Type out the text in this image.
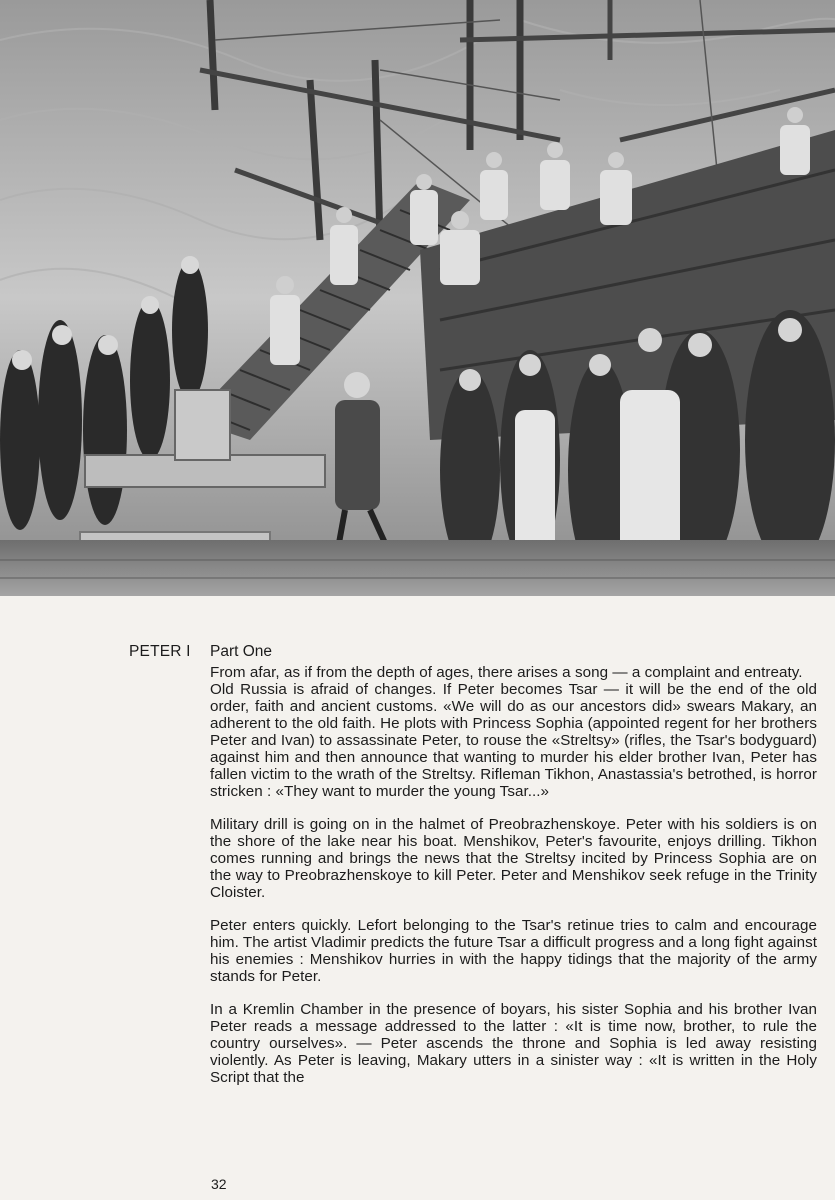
PETER I Part One

From afar, as if from the depth of ages, there arises a song — a complaint and entreaty.

Old Russia is afraid of changes. If Peter becomes Tsar — it will be the end of the old order, faith and ancient customs. «We will do as our ancestors did» swears Makary, an adherent to the old faith. He plots with Princess Sophia (appointed regent for her brothers Peter and Ivan) to assassinate Peter, to rouse the «Streltsy» (rifles, the Tsar's bodyguard) against him and then announce that wanting to murder his elder brother Ivan, Peter has fallen victim to the wrath of the Streltsy. Rifleman Tikhon, Anastassia's betrothed, is horror stricken : «They want to murder the young Tsar...»

Military drill is going on in the halmet of Preobrazhenskoye. Peter with his soldiers is on the shore of the lake near his boat. Menshikov, Peter's favourite, enjoys drilling. Tikhon comes running and brings the news that the Streltsy incited by Princess Sophia are on the way to Preobrazhenskoye to kill Peter. Peter and Menshikov seek refuge in the Trinity Cloister.

Peter enters quickly. Lefort belonging to the Tsar's retinue tries to calm and encourage him. The artist Vladimir predicts the future Tsar a difficult progress and a long fight against his enemies : Menshikov hurries in with the happy tidings that the majority of the army stands for Peter.

In a Kremlin Chamber in the presence of boyars, his sister Sophia and his brother Ivan Peter reads a message addressed to the latter : «It is time now, brother, to rule the country ourselves». — Peter ascends the throne and Sophia is led away resisting violently. As Peter is leaving, Makary utters in a sinister way : «It is written in the Holy Script that the

32
